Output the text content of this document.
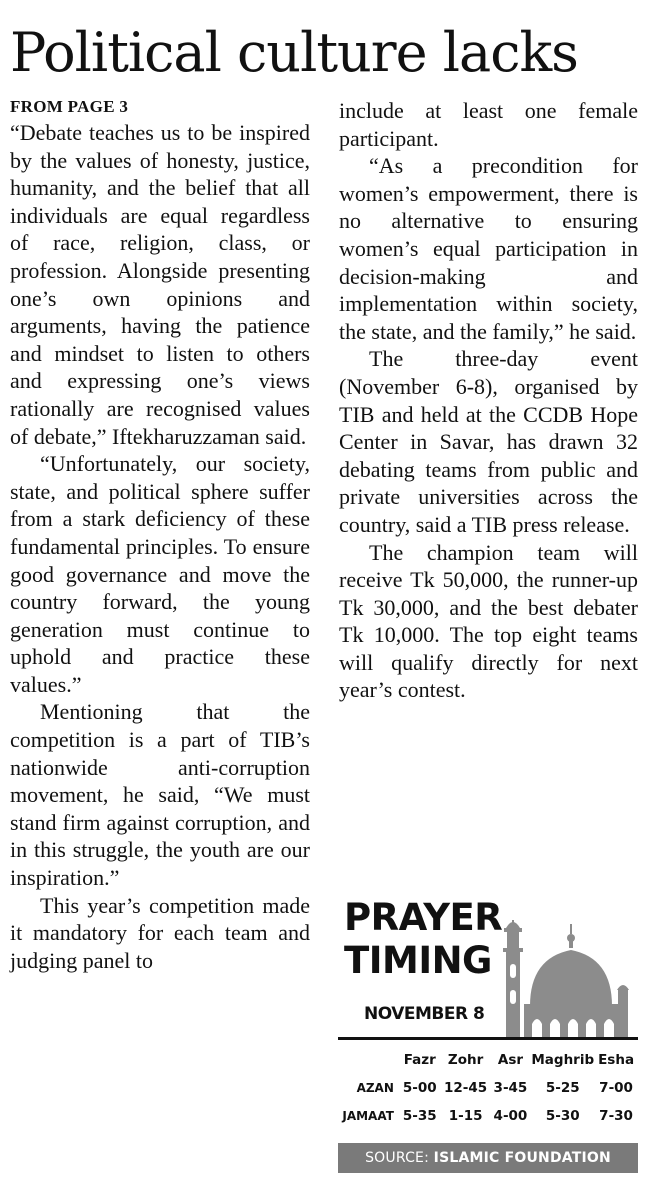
Political culture lacks
FROM PAGE 3

“Debate teaches us to be inspired by the values of honesty, justice, humanity, and the belief that all individuals are equal regardless of race, religion, class, or profession. Alongside presenting one’s own opinions and arguments, having the patience and mindset to listen to others and expressing one’s views rationally are recognised values of debate,” Iftekharuzzaman said.

“Unfortunately, our society, state, and political sphere suffer from a stark deficiency of these fundamental principles. To ensure good governance and move the country forward, the young generation must continue to uphold and practice these values.”

Mentioning that the competition is a part of TIB’s nationwide anti-corruption movement, he said, “We must stand firm against corruption, and in this struggle, the youth are our inspiration.”

This year’s competition made it mandatory for each team and judging panel to

include at least one female participant.

“As a precondition for women’s empowerment, there is no alternative to ensuring women’s equal participation in decision-making and implementation within society, the state, and the family,” he said.

The three-day event (November 6-8), organised by TIB and held at the CCDB Hope Center in Savar, has drawn 32 debating teams from public and private universities across the country, said a TIB press release.

The champion team will receive Tk 50,000, the runner-up Tk 30,000, and the best debater Tk 10,000. The top eight teams will qualify directly for next year’s contest.

PRAYER
TIMING
NOVEMBER 8
	Fazr	Zohr	Asr	Maghrib	Esha
AZAN	5-00	12-45	3-45	5-25	7-00
JAMAAT	5-35	1-15	4-00	5-30	7-30
SOURCE: ISLAMIC FOUNDATION
